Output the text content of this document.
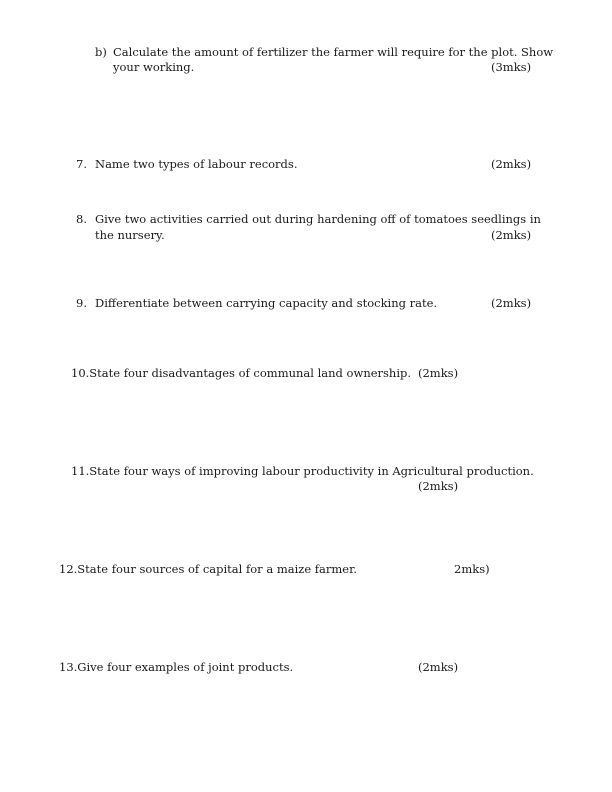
b) Calculate the amount of fertilizer the farmer will require for the plot. Show
your working.	(3mks)
7. Name two types of labour records.	(2mks)
8. Give two activities carried out during hardening off of tomatoes seedlings in
the nursery.	(2mks)
9. Differentiate between carrying capacity and stocking rate.	(2mks)
10.State four disadvantages of communal land ownership. (2mks)
11.State four ways of improving labour productivity in Agricultural production.
(2mks)
12.State four sources of capital for a maize farmer.	2mks)
13.Give four examples of joint products.	(2mks)
